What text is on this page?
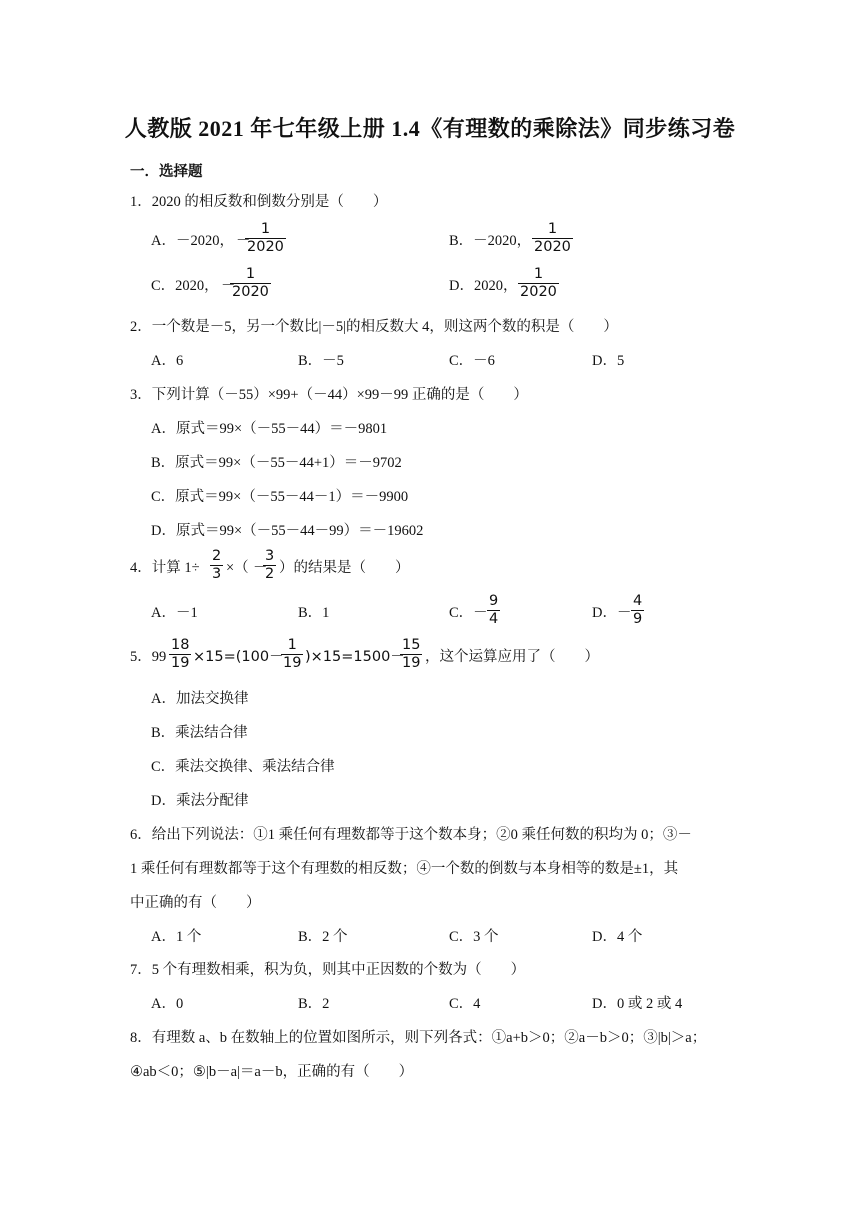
人教版 2021 年七年级上册 1.4《有理数的乘除法》同步练习卷
一．选择题
1．2020 的相反数和倒数分别是（　　）
A．－2020， －
1
2020	B．－2020，
1
2020
C．2020， －
1
2020	D．2020，
1
2020
2．一个数是－5，另一个数比|－5|的相反数大 4，则这两个数的积是（　　）
A．6	B．－5	C．－6	D．5
3．下列计算（－55）×99+（－44）×99－99 正确的是（　　）
A．原式＝99×（－55－44）＝－9801
B．原式＝99×（－55－44+1）＝－9702
C．原式＝99×（－55－44－1）＝－9900
D．原式＝99×（－55－44－99）＝－19602
4．计算 1÷
2
3 ×（ －
3
2 ）的结果是（　　）
A．－1	B．1	C．－
9
4	D．－
4
9
5．99
18
19 ×15=(100－
1
19 )×15=1500－
15
19 ，这个运算应用了（　　）
A．加法交换律
B．乘法结合律
C．乘法交换律、乘法结合律
D．乘法分配律
6．给出下列说法：①1 乘任何有理数都等于这个数本身；②0 乘任何数的积均为 0；③－
1 乘任何有理数都等于这个有理数的相反数；④一个数的倒数与本身相等的数是±1，其
中正确的有（　　）
A．1 个	B．2 个	C．3 个	D．4 个
7．5 个有理数相乘，积为负，则其中正因数的个数为（　　）
A．0	B．2	C．4	D．0 或 2 或 4
8．有理数 a、b 在数轴上的位置如图所示，则下列各式：①a+b＞0；②a－b＞0；③|b|＞a；
④ab＜0；⑤|b－a|＝a－b，正确的有（　　）
